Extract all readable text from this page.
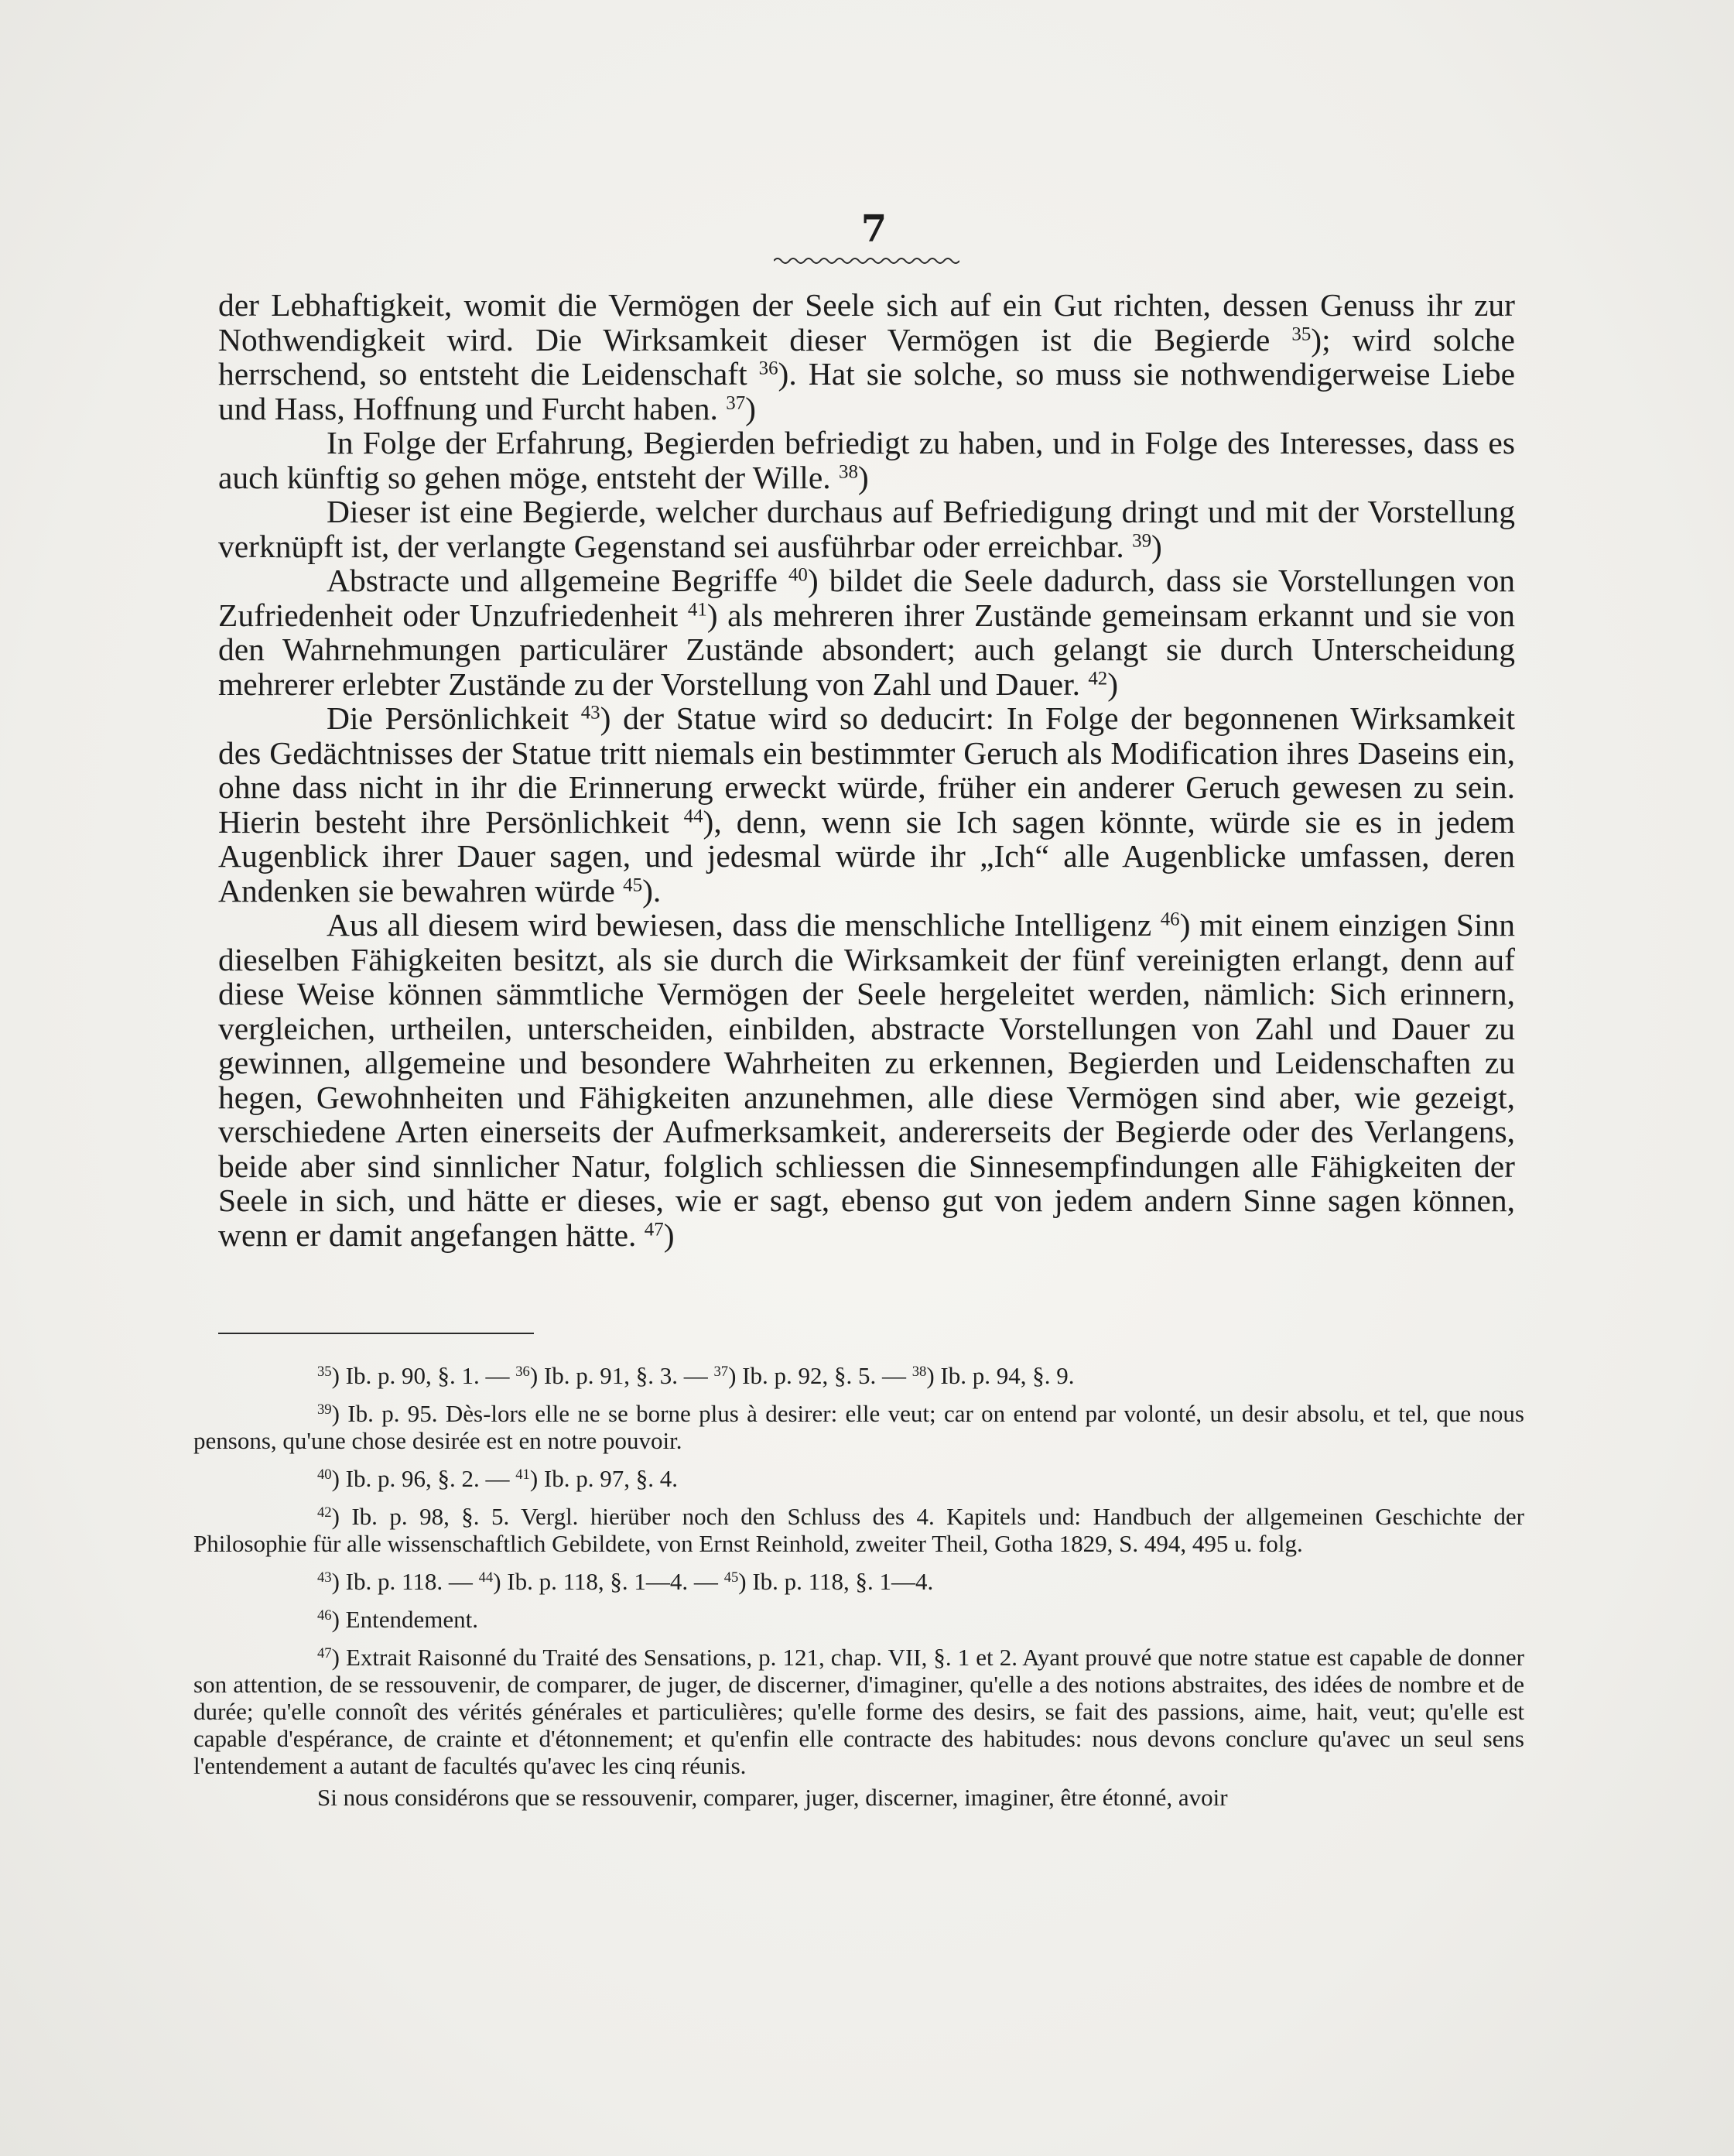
7

der Lebhaftigkeit, womit die Vermögen der Seele sich auf ein Gut richten, dessen Genuss ihr zur Nothwendigkeit wird. Die Wirksamkeit dieser Vermögen ist die Begierde $^{35}$); wird solche herrschend, so entsteht die Leidenschaft $^{36}$). Hat sie solche, so muss sie nothwendigerweise Liebe und Hass, Hoffnung und Furcht haben. $^{37}$)

In Folge der Erfahrung, Begierden befriedigt zu haben, und in Folge des Interesses, dass es auch künftig so gehen möge, entsteht der Wille. $^{38}$)

Dieser ist eine Begierde, welcher durchaus auf Befriedigung dringt und mit der Vorstellung verknüpft ist, der verlangte Gegenstand sei ausführbar oder erreichbar. $^{39}$)

Abstracte und allgemeine Begriffe $^{40}$) bildet die Seele dadurch, dass sie Vorstellungen von Zufriedenheit oder Unzufriedenheit $^{41}$) als mehreren ihrer Zustände gemeinsam erkannt und sie von den Wahrnehmungen particulärer Zustände absondert; auch gelangt sie durch Unterscheidung mehrerer erlebter Zustände zu der Vorstellung von Zahl und Dauer. $^{42}$)

Die Persönlichkeit $^{43}$) der Statue wird so deducirt: In Folge der begonnenen Wirksamkeit des Gedächtnisses der Statue tritt niemals ein bestimmter Geruch als Modification ihres Daseins ein, ohne dass nicht in ihr die Erinnerung erweckt würde, früher ein anderer Geruch gewesen zu sein. Hierin besteht ihre Persönlichkeit $^{44}$), denn, wenn sie Ich sagen könnte, würde sie es in jedem Augenblick ihrer Dauer sagen, und jedesmal würde ihr „Ich“ alle Augenblicke umfassen, deren Andenken sie bewahren würde $^{45}$).

Aus all diesem wird bewiesen, dass die menschliche Intelligenz $^{46}$) mit einem einzigen Sinn dieselben Fähigkeiten besitzt, als sie durch die Wirksamkeit der fünf vereinigten erlangt, denn auf diese Weise können sämmtliche Vermögen der Seele hergeleitet werden, nämlich: Sich erinnern, vergleichen, urtheilen, unterscheiden, einbilden, abstracte Vorstellungen von Zahl und Dauer zu gewinnen, allgemeine und besondere Wahrheiten zu erkennen, Begierden und Leidenschaften zu hegen, Gewohnheiten und Fähigkeiten anzunehmen, alle diese Vermögen sind aber, wie gezeigt, verschiedene Arten einerseits der Aufmerksamkeit, andererseits der Begierde oder des Verlangens, beide aber sind sinnlicher Natur, folglich schliessen die Sinnesempfindungen alle Fähigkeiten der Seele in sich, und hätte er dieses, wie er sagt, ebenso gut von jedem andern Sinne sagen können, wenn er damit angefangen hätte. $^{47}$)

$^{35}$) Ib. p. 90, §. 1. — $^{36}$) Ib. p. 91, §. 3. — $^{37}$) Ib. p. 92, §. 5. — $^{38}$) Ib. p. 94, §. 9.

$^{39}$) Ib. p. 95. Dès-lors elle ne se borne plus à desirer: elle veut; car on entend par volonté, un desir absolu, et tel, que nous pensons, qu'une chose desirée est en notre pouvoir.

$^{40}$) Ib. p. 96, §. 2. — $^{41}$) Ib. p. 97, §. 4.

$^{42}$) Ib. p. 98, §. 5. Vergl. hierüber noch den Schluss des 4. Kapitels und: Handbuch der allgemeinen Geschichte der Philosophie für alle wissenschaftlich Gebildete, von Ernst Reinhold, zweiter Theil, Gotha 1829, S. 494, 495 u. folg.

$^{43}$) Ib. p. 118. — $^{44}$) Ib. p. 118, §. 1—4. — $^{45}$) Ib. p. 118, §. 1—4.

$^{46}$) Entendement.

$^{47}$) Extrait Raisonné du Traité des Sensations, p. 121, chap. VII, §. 1 et 2. Ayant prouvé que notre statue est capable de donner son attention, de se ressouvenir, de comparer, de juger, de discerner, d'imaginer, qu'elle a des notions abstraites, des idées de nombre et de durée; qu'elle connoît des vérités générales et particulières; qu'elle forme des desirs, se fait des passions, aime, hait, veut; qu'elle est capable d'espérance, de crainte et d'étonnement; et qu'enfin elle contracte des habitudes: nous devons conclure qu'avec un seul sens l'entendement a autant de facultés qu'avec les cinq réunis.

Si nous considérons que se ressouvenir, comparer, juger, discerner, imaginer, être étonné, avoir
